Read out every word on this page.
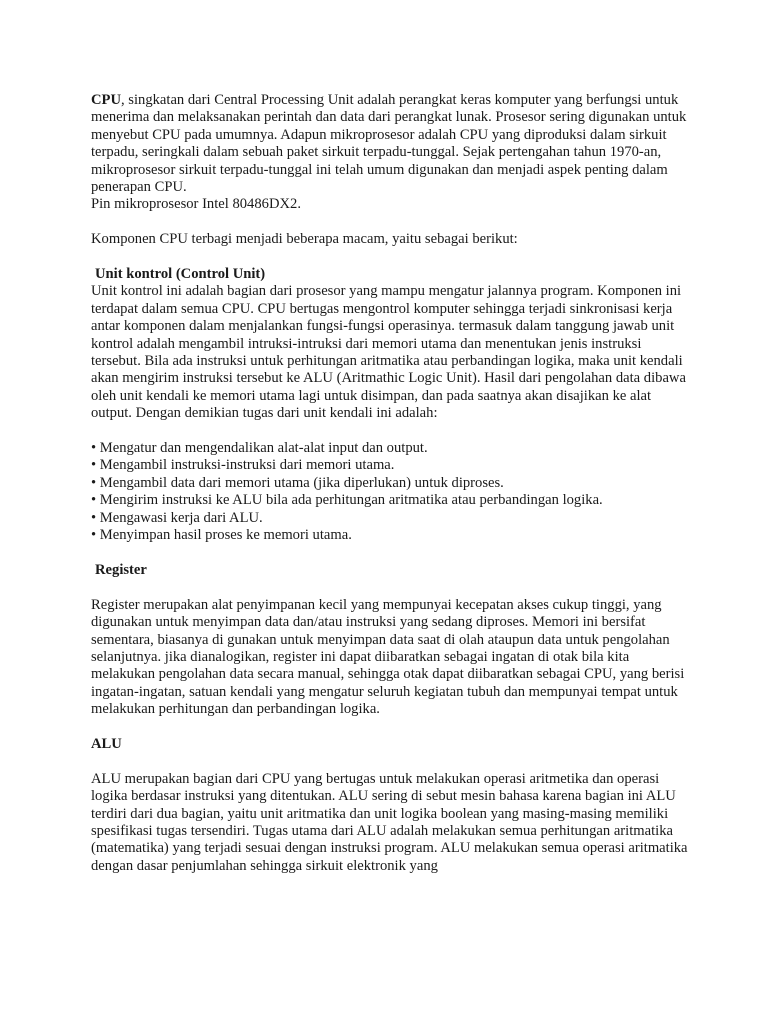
CPU, singkatan dari Central Processing Unit adalah perangkat keras komputer yang berfungsi untuk menerima dan melaksanakan perintah dan data dari perangkat lunak. Prosesor sering digunakan untuk menyebut CPU pada umumnya. Adapun mikroprosesor adalah CPU yang diproduksi dalam sirkuit terpadu, seringkali dalam sebuah paket sirkuit terpadu-tunggal. Sejak pertengahan tahun 1970-an, mikroprosesor sirkuit terpadu-tunggal ini telah umum digunakan dan menjadi aspek penting dalam penerapan CPU.

Pin mikroprosesor Intel 80486DX2.

Komponen CPU terbagi menjadi beberapa macam, yaitu sebagai berikut:

Unit kontrol (Control Unit)

Unit kontrol ini adalah bagian dari prosesor yang mampu mengatur jalannya program. Komponen ini terdapat dalam semua CPU. CPU bertugas mengontrol komputer sehingga terjadi sinkronisasi kerja antar komponen dalam menjalankan fungsi-fungsi operasinya. termasuk dalam tanggung jawab unit kontrol adalah mengambil intruksi-intruksi dari memori utama dan menentukan jenis instruksi tersebut. Bila ada instruksi untuk perhitungan aritmatika atau perbandingan logika, maka unit kendali akan mengirim instruksi tersebut ke ALU (Aritmathic Logic Unit). Hasil dari pengolahan data dibawa oleh unit kendali ke memori utama lagi untuk disimpan, dan pada saatnya akan disajikan ke alat output. Dengan demikian tugas dari unit kendali ini adalah:

• Mengatur dan mengendalikan alat-alat input dan output.
• Mengambil instruksi-instruksi dari memori utama.
• Mengambil data dari memori utama (jika diperlukan) untuk diproses.
• Mengirim instruksi ke ALU bila ada perhitungan aritmatika atau perbandingan logika.
• Mengawasi kerja dari ALU.
• Menyimpan hasil proses ke memori utama.

Register

Register merupakan alat penyimpanan kecil yang mempunyai kecepatan akses cukup tinggi, yang digunakan untuk menyimpan data dan/atau instruksi yang sedang diproses. Memori ini bersifat sementara, biasanya di gunakan untuk menyimpan data saat di olah ataupun data untuk pengolahan selanjutnya. jika dianalogikan, register ini dapat diibaratkan sebagai ingatan di otak bila kita melakukan pengolahan data secara manual, sehingga otak dapat diibaratkan sebagai CPU, yang berisi ingatan-ingatan, satuan kendali yang mengatur seluruh kegiatan tubuh dan mempunyai tempat untuk melakukan perhitungan dan perbandingan logika.

ALU

ALU merupakan bagian dari CPU yang bertugas untuk melakukan operasi aritmetika dan operasi logika berdasar instruksi yang ditentukan. ALU sering di sebut mesin bahasa karena bagian ini ALU terdiri dari dua bagian, yaitu unit aritmatika dan unit logika boolean yang masing-masing memiliki spesifikasi tugas tersendiri. Tugas utama dari ALU adalah melakukan semua perhitungan aritmatika (matematika) yang terjadi sesuai dengan instruksi program. ALU melakukan semua operasi aritmatika dengan dasar penjumlahan sehingga sirkuit elektronik yang
